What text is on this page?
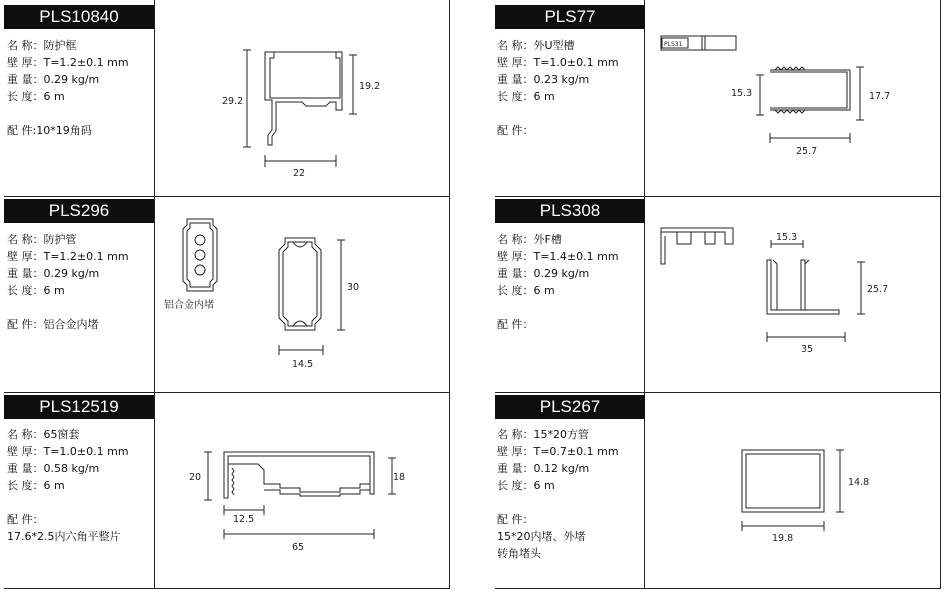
PLS10840
名 称：防护框
壁 厚：T=1.2±0.1 mm
重 量：0.29 kg/m
长 度：6 m
配 件:10*19角码
29.2
19.2
22
PLS77
名 称：外U型槽
壁 厚：T=1.0±0.1 mm
重 量：0.23 kg/m
长 度：6 m
配 件：
PLS31
15.3	17.7
25.7
PLS296
名 称：防护管
壁 厚：T=1.2±0.1 mm
重 量：0.29 kg/m
长 度：6 m
配 件：铝合金内堵
铝合金内堵
30
14.5
PLS308
名 称：外F槽
壁 厚：T=1.4±0.1 mm
重 量：0.29 kg/m
长 度：6 m
配 件：
15.3
25.7
35
PLS12519
名 称：65窗套
壁 厚：T=1.0±0.1 mm
重 量：0.58 kg/m
长 度：6 m
配 件：
17.6*2.5内六角平整片
20	18
12.5
65
PLS267
名 称：15*20方管
壁 厚：T=0.7±0.1 mm
重 量：0.12 kg/m
长 度：6 m
配 件：
15*20内堵、外堵
转角堵头
14.8
19.8
